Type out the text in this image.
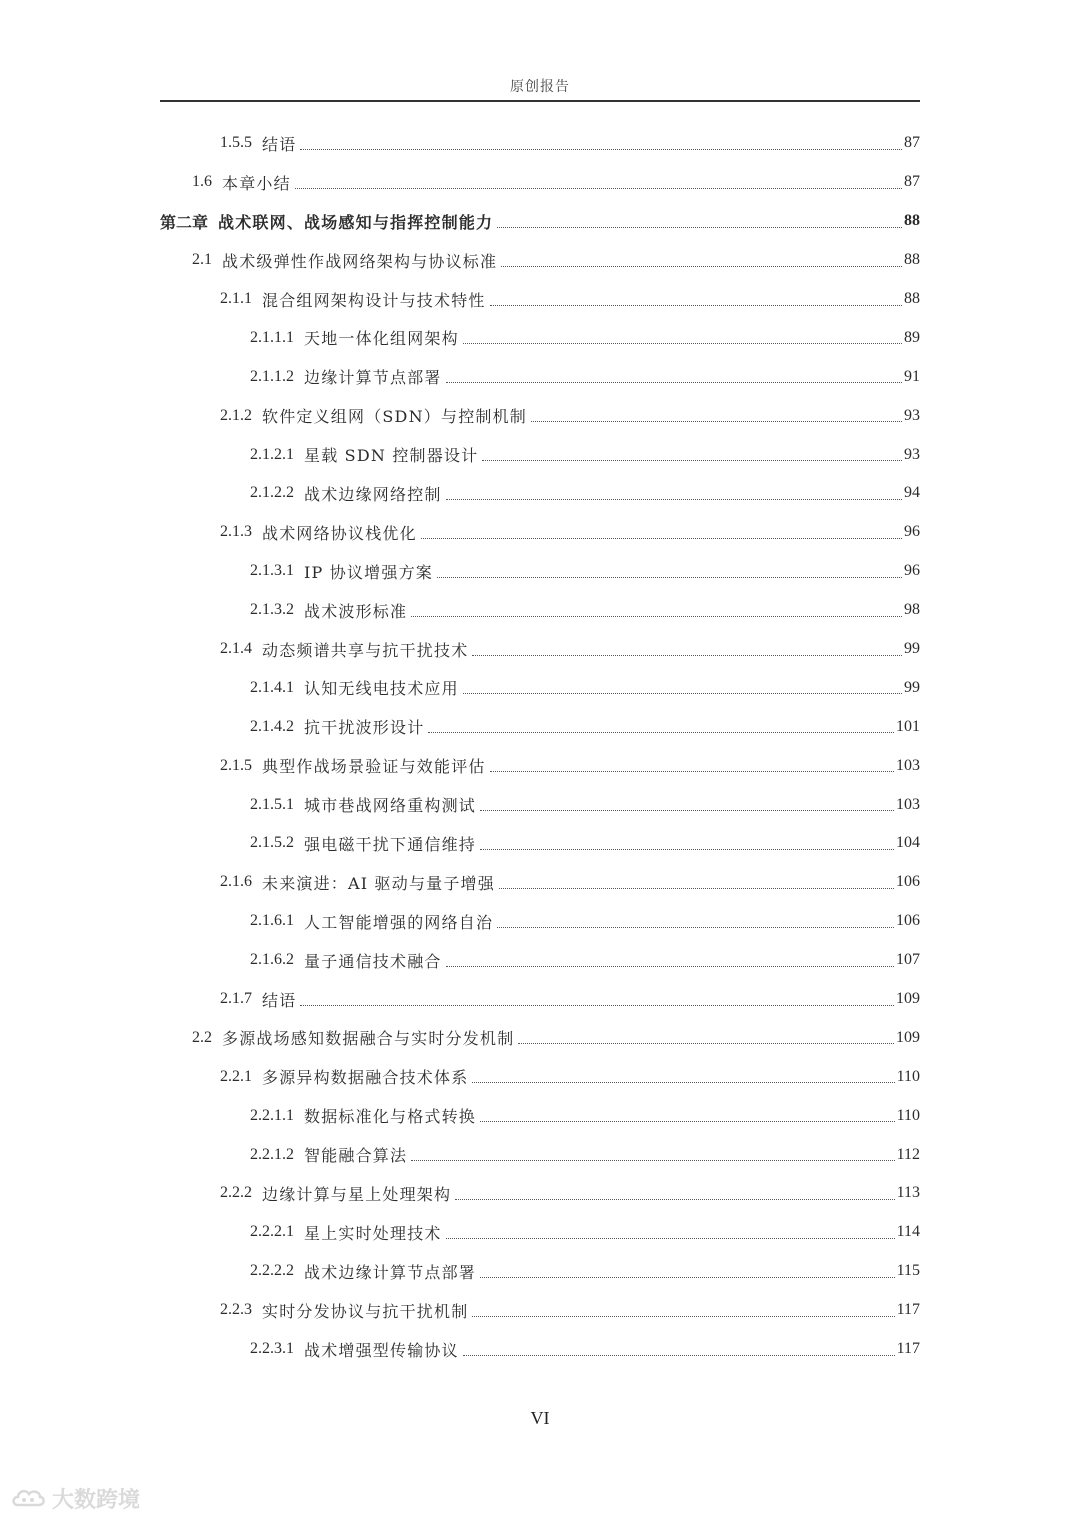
原创报告
1.5.5 结语	87
1.6 本章小结	87
第二章 战术联网、战场感知与指挥控制能力	88
2.1 战术级弹性作战网络架构与协议标准	88
2.1.1 混合组网架构设计与技术特性	88
2.1.1.1 天地一体化组网架构	89
2.1.1.2 边缘计算节点部署	91
2.1.2 软件定义组网（SDN）与控制机制	93
2.1.2.1 星载 SDN 控制器设计	93
2.1.2.2 战术边缘网络控制	94
2.1.3 战术网络协议栈优化	96
2.1.3.1 IP 协议增强方案	96
2.1.3.2 战术波形标准	98
2.1.4 动态频谱共享与抗干扰技术	99
2.1.4.1 认知无线电技术应用	99
2.1.4.2 抗干扰波形设计	101
2.1.5 典型作战场景验证与效能评估	103
2.1.5.1 城市巷战网络重构测试	103
2.1.5.2 强电磁干扰下通信维持	104
2.1.6 未来演进：AI 驱动与量子增强	106
2.1.6.1 人工智能增强的网络自治	106
2.1.6.2 量子通信技术融合	107
2.1.7 结语	109
2.2 多源战场感知数据融合与实时分发机制	109
2.2.1 多源异构数据融合技术体系	110
2.2.1.1 数据标准化与格式转换	110
2.2.1.2 智能融合算法	112
2.2.2 边缘计算与星上处理架构	113
2.2.2.1 星上实时处理技术	114
2.2.2.2 战术边缘计算节点部署	115
2.2.3 实时分发协议与抗干扰机制	117
2.2.3.1 战术增强型传输协议	117
VI
大数跨境
